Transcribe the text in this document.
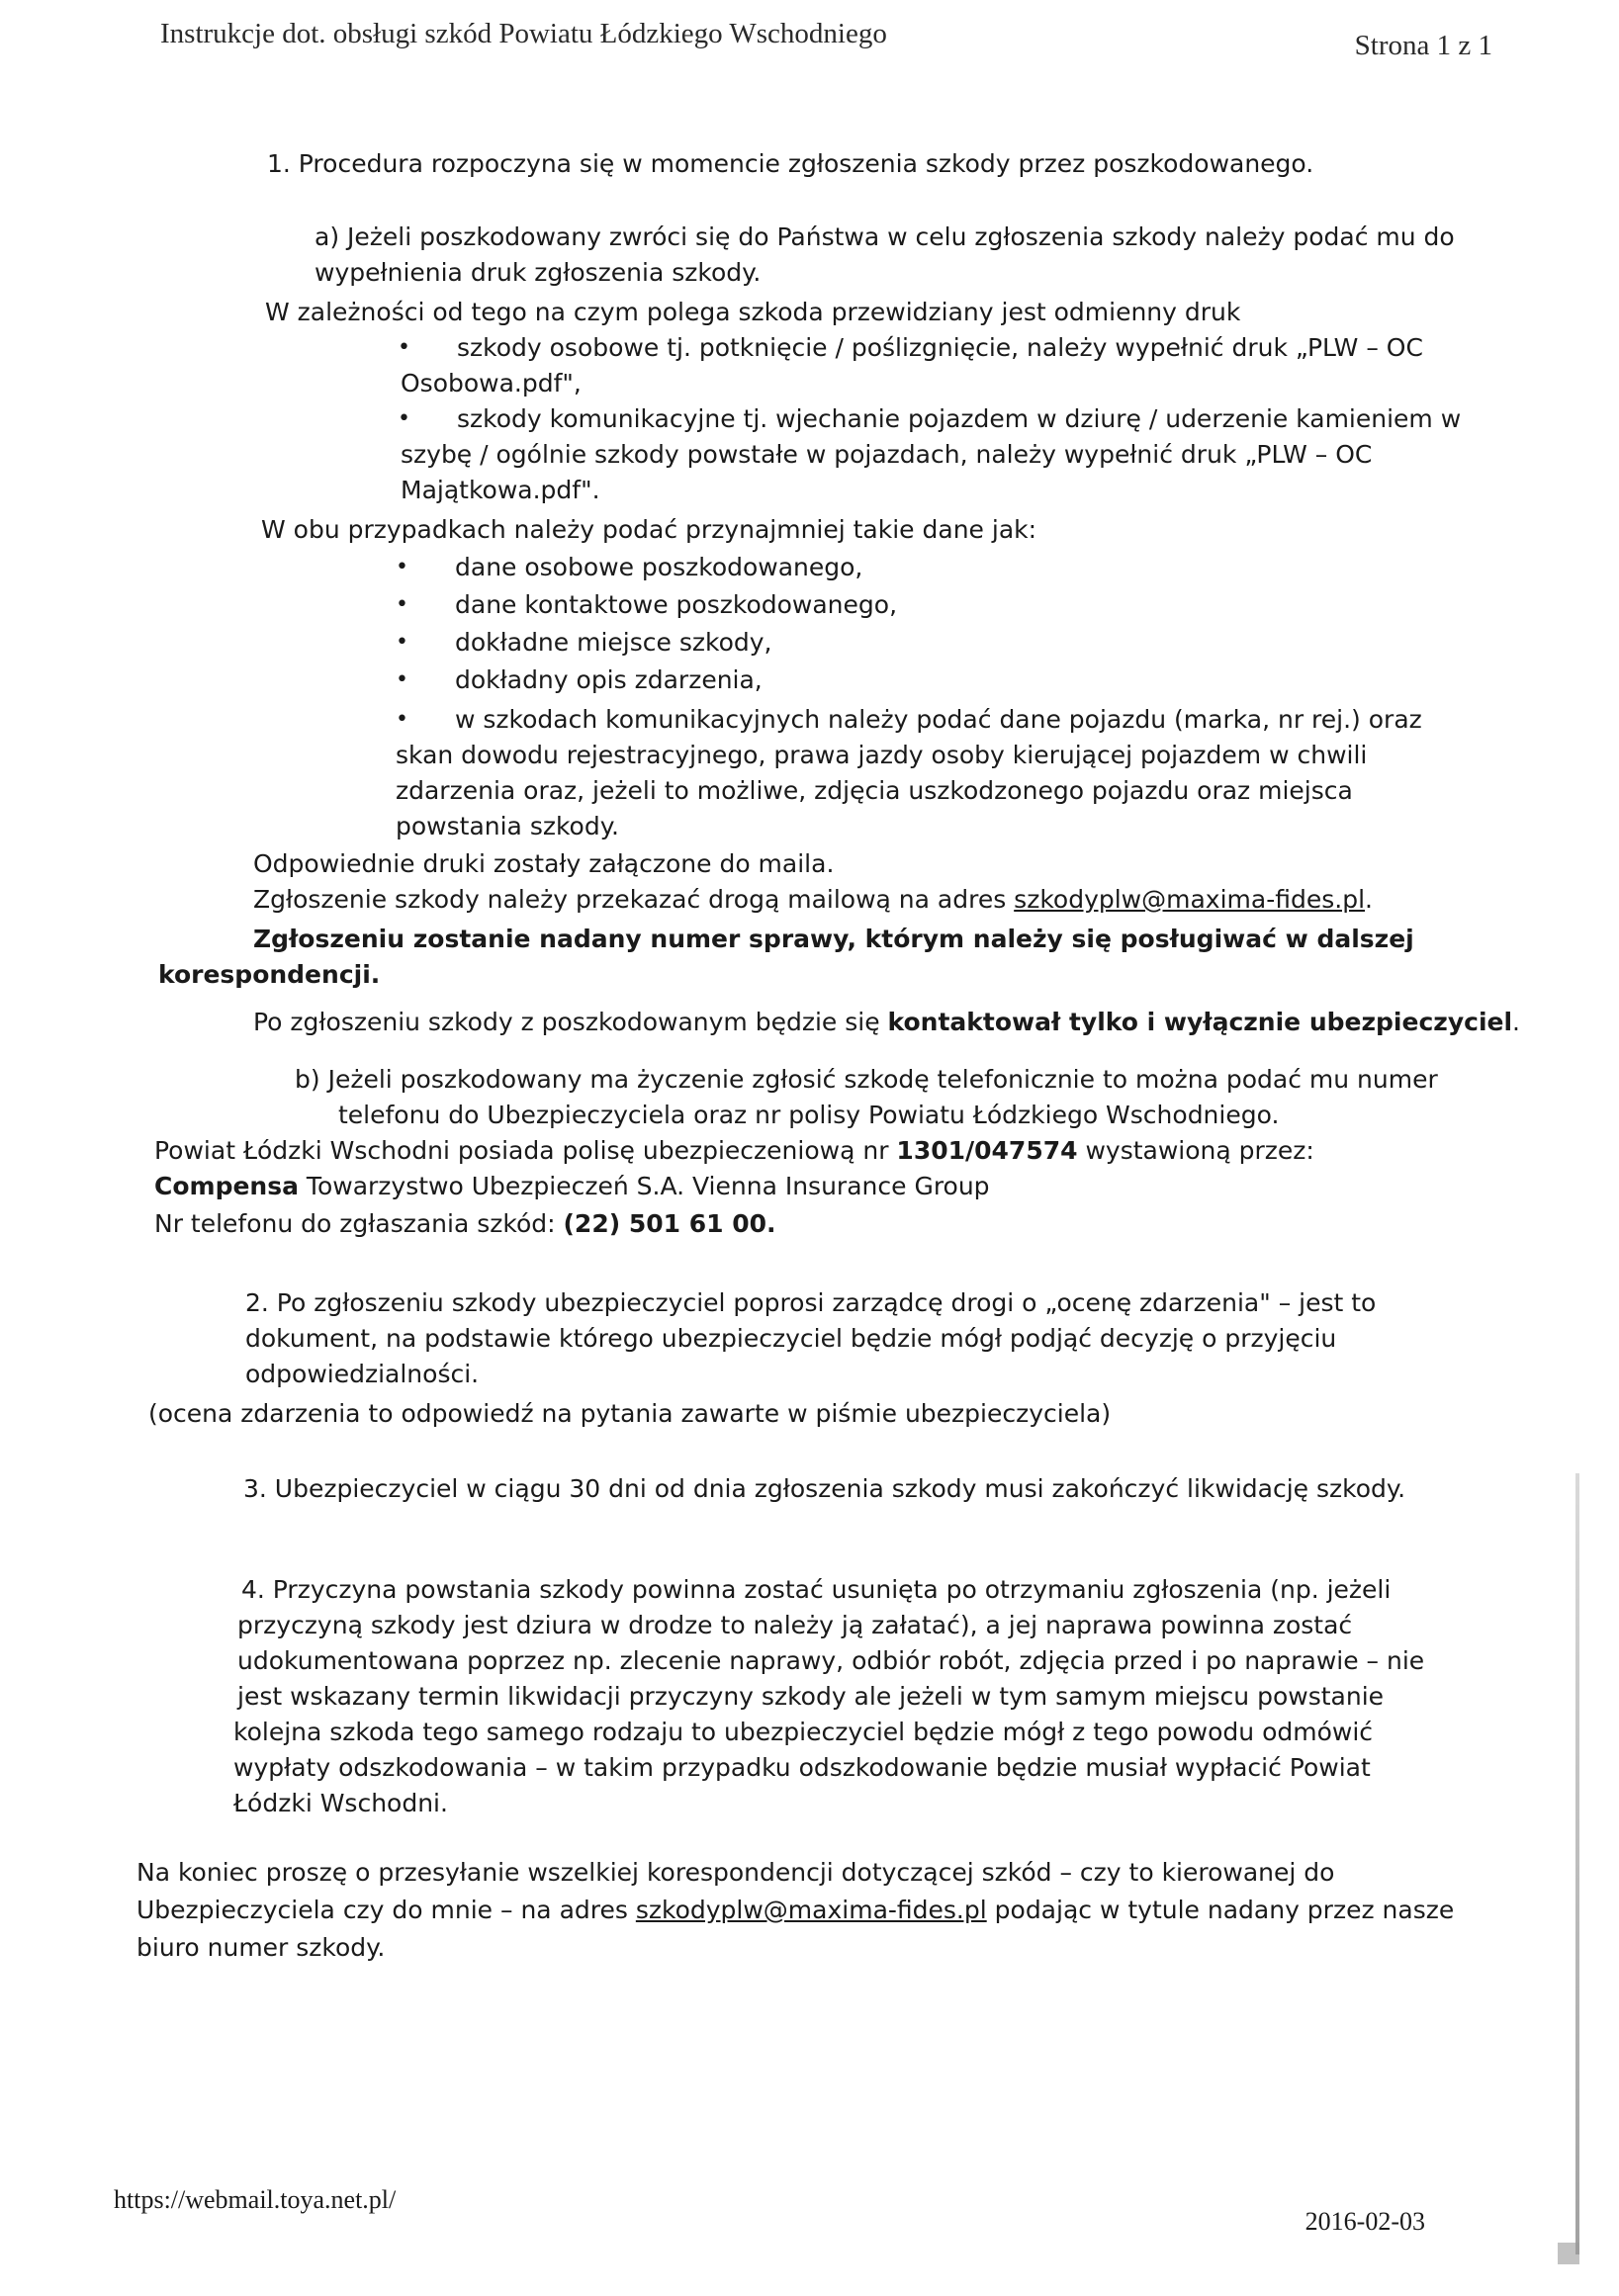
Instrukcje dot. obsługi szkód Powiatu Łódzkiego Wschodniego	Strona 1 z 1
1. Procedura rozpoczyna się w momencie zgłoszenia szkody przez poszkodowanego.
a) Jeżeli poszkodowany zwróci się do Państwa w celu zgłoszenia szkody należy podać mu do
wypełnienia druk zgłoszenia szkody.
W zależności od tego na czym polega szkoda przewidziany jest odmienny druk
•	szkody osobowe tj. potknięcie / poślizgnięcie, należy wypełnić druk „PLW – OC
Osobowa.pdf",
•	szkody komunikacyjne tj. wjechanie pojazdem w dziurę / uderzenie kamieniem w
szybę / ogólnie szkody powstałe w pojazdach, należy wypełnić druk „PLW – OC
Majątkowa.pdf".
W obu przypadkach należy podać przynajmniej takie dane jak:
•	dane osobowe poszkodowanego,
•	dane kontaktowe poszkodowanego,
•	dokładne miejsce szkody,
•	dokładny opis zdarzenia,
•	w szkodach komunikacyjnych należy podać dane pojazdu (marka, nr rej.) oraz
skan dowodu rejestracyjnego, prawa jazdy osoby kierującej pojazdem w chwili
zdarzenia oraz, jeżeli to możliwe, zdjęcia uszkodzonego pojazdu oraz miejsca
powstania szkody.
Odpowiednie druki zostały załączone do maila.
Zgłoszenie szkody należy przekazać drogą mailową na adres szkodyplw@maxima-fides.pl.
Zgłoszeniu zostanie nadany numer sprawy, którym należy się posługiwać w dalszej
korespondencji.
Po zgłoszeniu szkody z poszkodowanym będzie się kontaktował tylko i wyłącznie ubezpieczyciel.
b) Jeżeli poszkodowany ma życzenie zgłosić szkodę telefonicznie to można podać mu numer
telefonu do Ubezpieczyciela oraz nr polisy Powiatu Łódzkiego Wschodniego.
Powiat Łódzki Wschodni posiada polisę ubezpieczeniową nr 1301/047574 wystawioną przez:
Compensa Towarzystwo Ubezpieczeń S.A. Vienna Insurance Group
Nr telefonu do zgłaszania szkód: (22) 501 61 00.
2. Po zgłoszeniu szkody ubezpieczyciel poprosi zarządcę drogi o „ocenę zdarzenia" – jest to
dokument, na podstawie którego ubezpieczyciel będzie mógł podjąć decyzję o przyjęciu
odpowiedzialności.
(ocena zdarzenia to odpowiedź na pytania zawarte w piśmie ubezpieczyciela)
3. Ubezpieczyciel w ciągu 30 dni od dnia zgłoszenia szkody musi zakończyć likwidację szkody.
4. Przyczyna powstania szkody powinna zostać usunięta po otrzymaniu zgłoszenia (np. jeżeli
przyczyną szkody jest dziura w drodze to należy ją załatać), a jej naprawa powinna zostać
udokumentowana poprzez np. zlecenie naprawy, odbiór robót, zdjęcia przed i po naprawie – nie
jest wskazany termin likwidacji przyczyny szkody ale jeżeli w tym samym miejscu powstanie
kolejna szkoda tego samego rodzaju to ubezpieczyciel będzie mógł z tego powodu odmówić
wypłaty odszkodowania – w takim przypadku odszkodowanie będzie musiał wypłacić Powiat
Łódzki Wschodni.
Na koniec proszę o przesyłanie wszelkiej korespondencji dotyczącej szkód – czy to kierowanej do
Ubezpieczyciela czy do mnie – na adres szkodyplw@maxima-fides.pl podając w tytule nadany przez nasze
biuro numer szkody.
https://webmail.toya.net.pl/
2016-02-03
